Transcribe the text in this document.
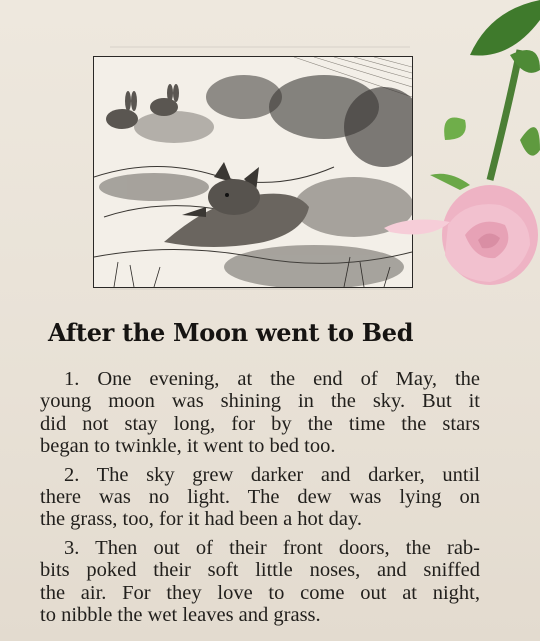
After the Moon went to Bed
1. One evening, at the end of May, the
young moon was shining in the sky. But it
did not stay long, for by the time the stars
began to twinkle, it went to bed too.
2. The sky grew darker and darker, until
there was no light. The dew was lying on
the grass, too, for it had been a hot day.
3. Then out of their front doors, the rab-
bits poked their soft little noses, and sniffed
the air. For they love to come out at night,
to nibble the wet leaves and grass.
